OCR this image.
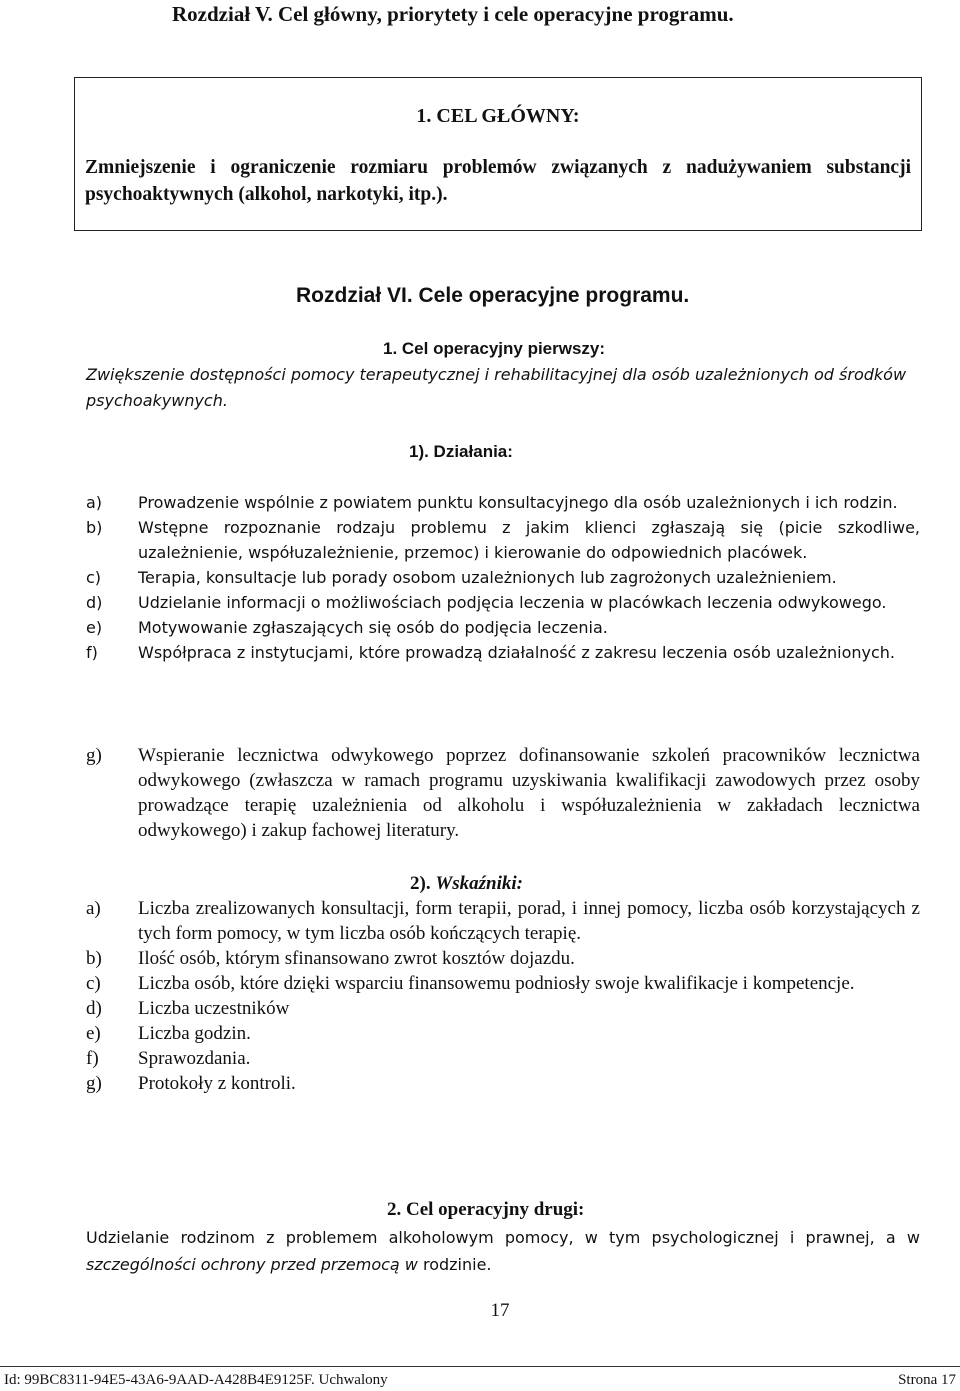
Rozdział V. Cel główny, priorytety i cele operacyjne programu.
1. CEL GŁÓWNY:
Zmniejszenie i ograniczenie rozmiaru problemów związanych z nadużywaniem substancji psychoaktywnych (alkohol, narkotyki, itp.).
Rozdział VI. Cele operacyjne programu.
1. Cel operacyjny pierwszy:
Zwiększenie dostępności pomocy terapeutycznej i rehabilitacyjnej dla osób uzależnionych od środków psychoakywnych.
1). Działania:
a) Prowadzenie wspólnie z powiatem punktu konsultacyjnego dla osób uzależnionych i ich rodzin.
b) Wstępne rozpoznanie rodzaju problemu z jakim klienci zgłaszają się (picie szkodliwe, uzależnienie, współuzależnienie, przemoc) i kierowanie do odpowiednich placówek.
c) Terapia, konsultacje lub porady osobom uzależnionych lub zagrożonych uzależnieniem.
d) Udzielanie informacji o możliwościach podjęcia leczenia w placówkach leczenia odwykowego.
e) Motywowanie zgłaszających się osób do podjęcia leczenia.
f)	Współpraca z instytucjami, które prowadzą działalność z zakresu leczenia osób uzależnionych.
g) Wspieranie lecznictwa odwykowego poprzez dofinansowanie szkoleń pracowników lecznictwa odwykowego (zwłaszcza w ramach programu uzyskiwania kwalifikacji zawodowych przez osoby prowadzące terapię uzależnienia od alkoholu i współuzależnienia w zakładach lecznictwa odwykowego) i zakup fachowej literatury.
2). Wskaźniki:
a) Liczba zrealizowanych konsultacji, form terapii, porad, i innej pomocy, liczba osób korzystających z tych form pomocy, w tym liczba osób kończących terapię.
b) Ilość osób, którym sfinansowano zwrot kosztów dojazdu.
c) Liczba osób, które dzięki wsparciu finansowemu podniosły swoje kwalifikacje i kompetencje.
d) Liczba uczestników
e) Liczba godzin.
f) Sprawozdania.
g) Protokoły z kontroli.
2. Cel operacyjny drugi:
Udzielanie rodzinom z problemem alkoholowym pomocy, w tym psychologicznej i prawnej, a w szczególności ochrony przed przemocą w rodzinie.
17
Id: 99BC8311-94E5-43A6-9AAD-A428B4E9125F. Uchwalony	Strona 17
